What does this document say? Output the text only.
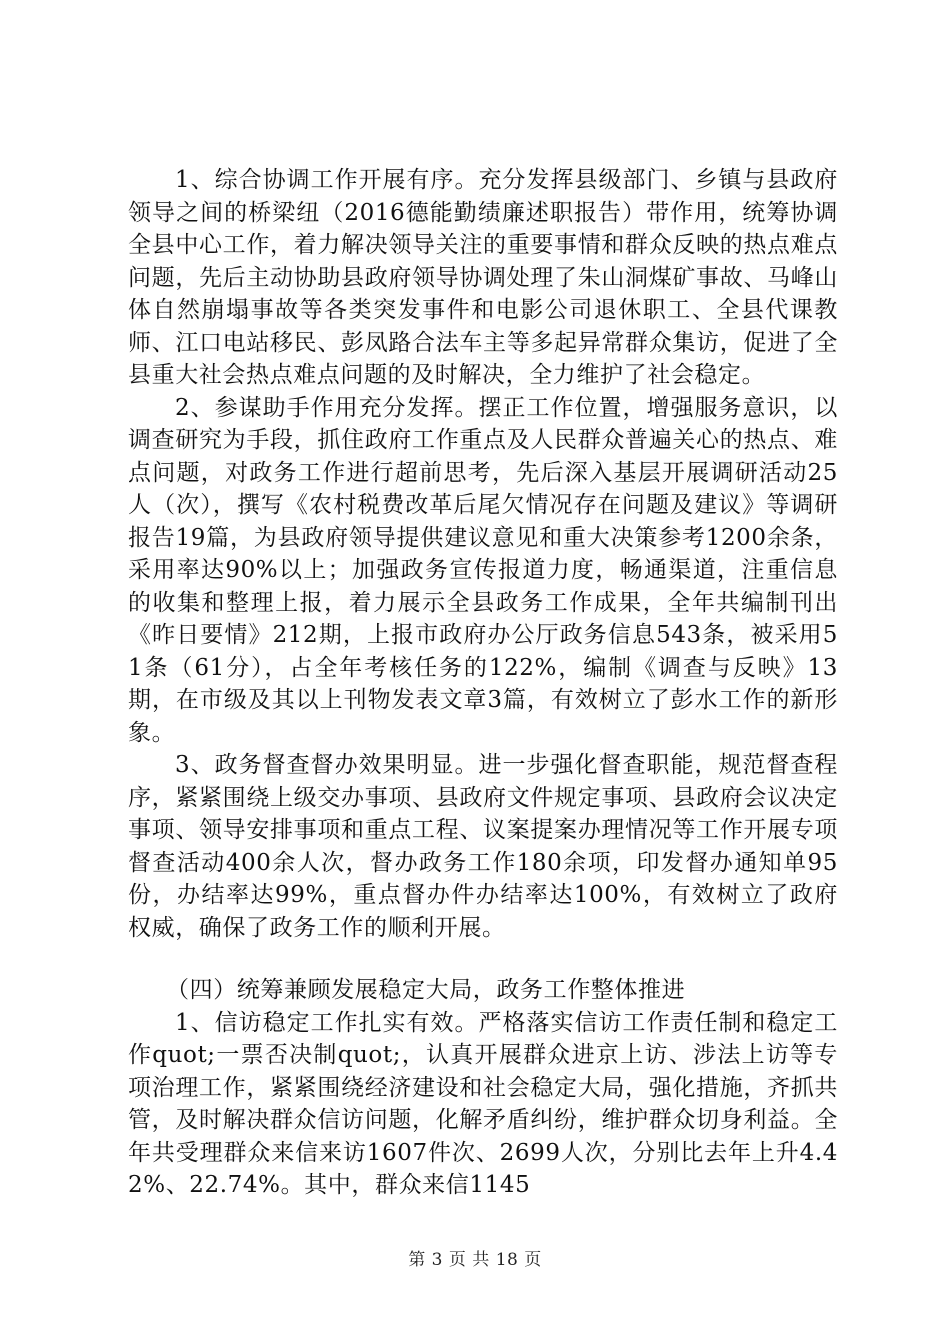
1、综合协调工作开展有序。充分发挥县级部门、乡镇与县政府领导之间的桥梁纽（2016德能勤绩廉述职报告）带作用，统筹协调全县中心工作，着力解决领导关注的重要事情和群众反映的热点难点问题，先后主动协助县政府领导协调处理了朱山洞煤矿事故、马峰山体自然崩塌事故等各类突发事件和电影公司退休职工、全县代课教师、江口电站移民、彭凤路合法车主等多起异常群众集访，促进了全县重大社会热点难点问题的及时解决，全力维护了社会稳定。

2、参谋助手作用充分发挥。摆正工作位置，增强服务意识，以调查研究为手段，抓住政府工作重点及人民群众普遍关心的热点、难点问题，对政务工作进行超前思考，先后深入基层开展调研活动25人（次），撰写《农村税费改革后尾欠情况存在问题及建议》等调研报告19篇，为县政府领导提供建议意见和重大决策参考1200余条，采用率达90%以上；加强政务宣传报道力度，畅通渠道，注重信息的收集和整理上报，着力展示全县政务工作成果，全年共编制刊出《昨日要情》212期，上报市政府办公厅政务信息543条，被采用51条（61分），占全年考核任务的122%，编制《调查与反映》13期，在市级及其以上刊物发表文章3篇，有效树立了彭水工作的新形象。

3、政务督查督办效果明显。进一步强化督查职能，规范督查程序，紧紧围绕上级交办事项、县政府文件规定事项、县政府会议决定事项、领导安排事项和重点工程、议案提案办理情况等工作开展专项督查活动400余人次，督办政务工作180余项，印发督办通知单95份，办结率达99%，重点督办件办结率达100%，有效树立了政府权威，确保了政务工作的顺利开展。

（四）统筹兼顾发展稳定大局，政务工作整体推进

1、信访稳定工作扎实有效。严格落实信访工作责任制和稳定工作quot;一票否决制quot;，认真开展群众进京上访、涉法上访等专项治理工作，紧紧围绕经济建设和社会稳定大局，强化措施，齐抓共管，及时解决群众信访问题，化解矛盾纠纷，维护群众切身利益。全年共受理群众来信来访1607件次、2699人次，分别比去年上升4.42%、22.74%。其中，群众来信1145

第 3 页 共 18 页
